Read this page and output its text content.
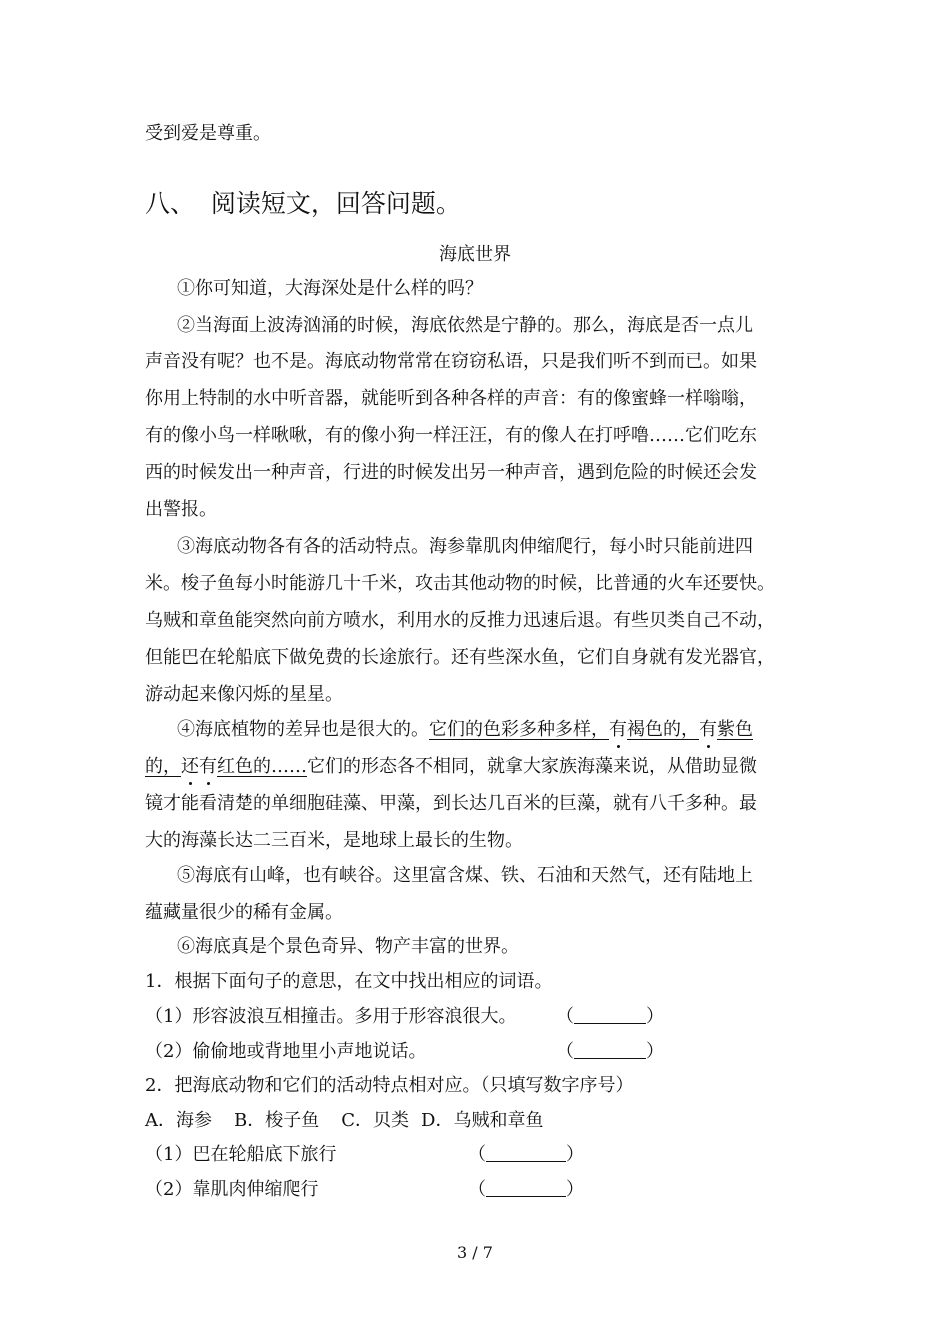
受到爱是尊重。
八、 阅读短文，回答问题。
海底世界
①你可知道，大海深处是什么样的吗？
②当海面上波涛汹涌的时候，海底依然是宁静的。那么，海底是否一点儿
声音没有呢？也不是。海底动物常常在窃窃私语，只是我们听不到而已。如果
你用上特制的水中听音器，就能听到各种各样的声音：有的像蜜蜂一样嗡嗡，
有的像小鸟一样啾啾，有的像小狗一样汪汪，有的像人在打呼噜……它们吃东
西的时候发出一种声音，行进的时候发出另一种声音，遇到危险的时候还会发
出警报。
③海底动物各有各的活动特点。海参靠肌肉伸缩爬行，每小时只能前进四
米。梭子鱼每小时能游几十千米，攻击其他动物的时候，比普通的火车还要快。
乌贼和章鱼能突然向前方喷水，利用水的反推力迅速后退。有些贝类自己不动，
但能巴在轮船底下做免费的长途旅行。还有些深水鱼，它们自身就有发光器官，
游动起来像闪烁的星星。
④海底植物的差异也是很大的。它们的色彩多种多样，有褐色的，有紫色
的，还有红色的……它们的形态各不相同，就拿大家族海藻来说，从借助显微
镜才能看清楚的单细胞硅藻、甲藻，到长达几百米的巨藻，就有八千多种。最
大的海藻长达二三百米，是地球上最长的生物。
⑤海底有山峰，也有峡谷。这里富含煤、铁、石油和天然气，还有陆地上
蕴藏量很少的稀有金属。
⑥海底真是个景色奇异、物产丰富的世界。
1．根据下面句子的意思，在文中找出相应的词语。
（1）形容波浪互相撞击。多用于形容浪很大。 （	）
（2）偷偷地或背地里小声地说话。	（	）
2．把海底动物和它们的活动特点相对应。（只填写数字序号）
A．海参 B．梭子鱼 C．贝类 D．乌贼和章鱼
（1）巴在轮船底下旅行	（	）
（2）靠肌肉伸缩爬行	（	）
3 / 7
